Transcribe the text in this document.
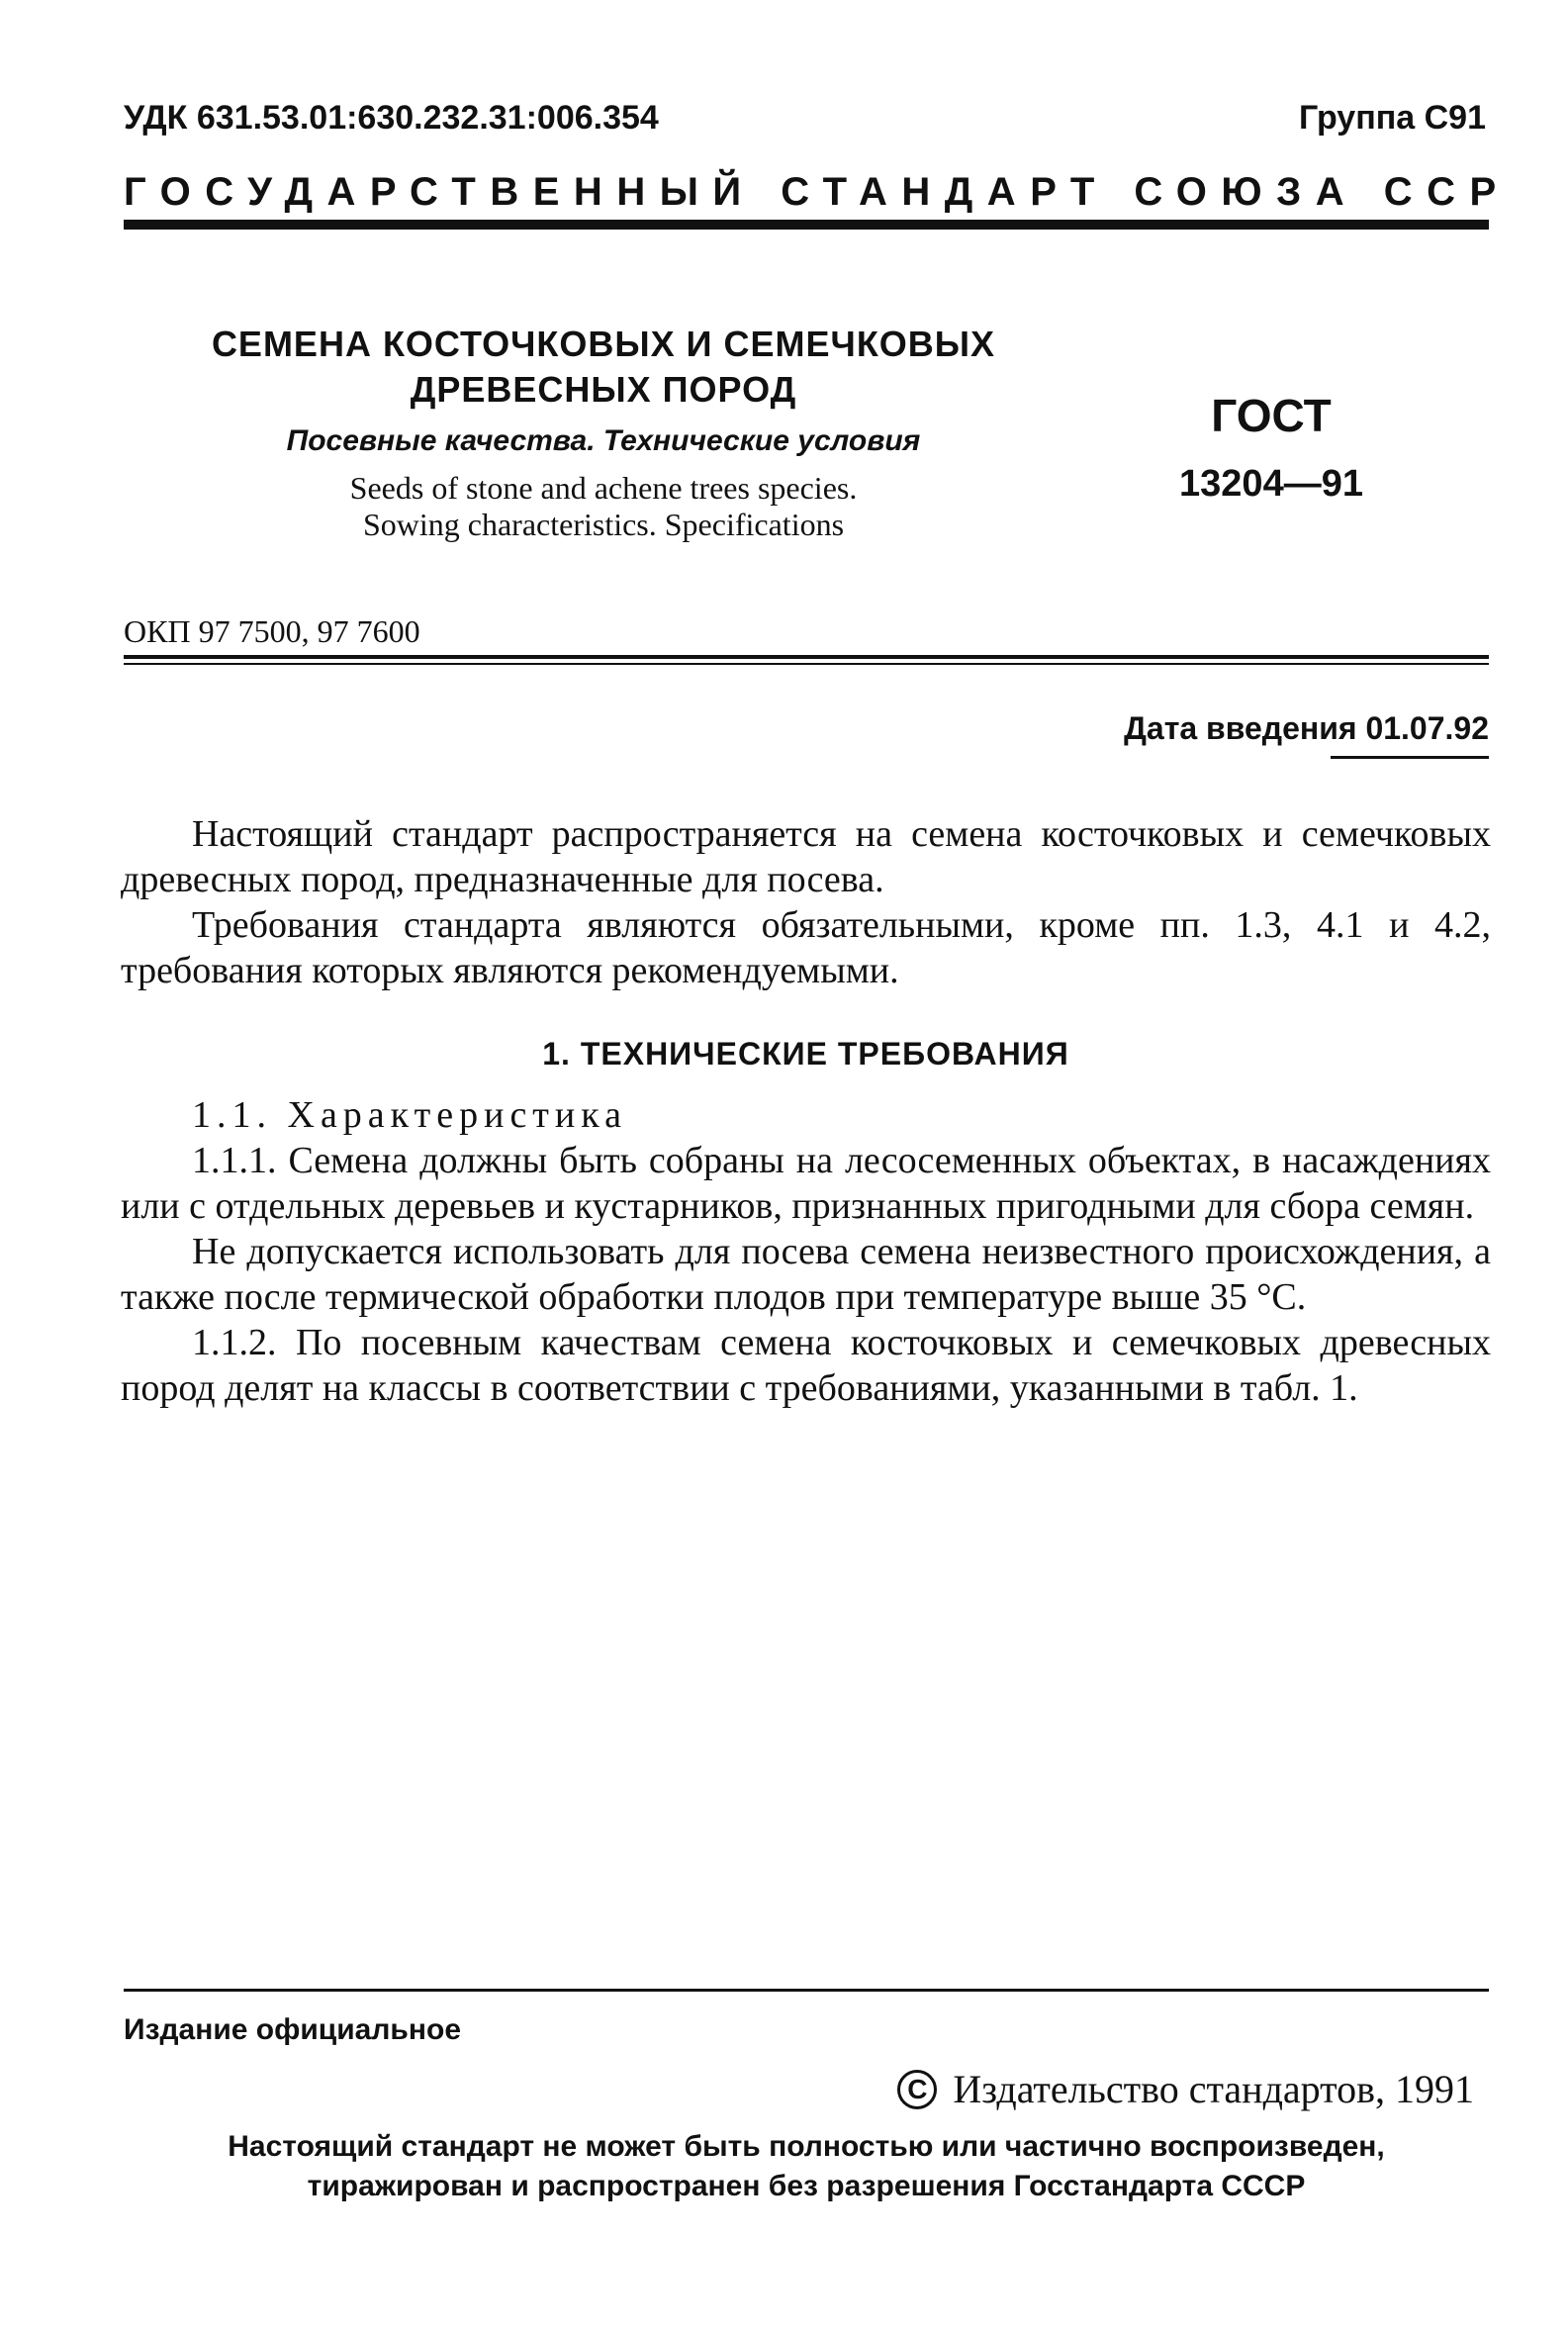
УДК 631.53.01:630.232.31:006.354	Группа С91
ГОСУДАРСТВЕННЫЙ СТАНДАРТ СОЮЗА ССР
СЕМЕНА КОСТОЧКОВЫХ И СЕМЕЧКОВЫХ
ДРЕВЕСНЫХ ПОРОД
Посевные качества. Технические условия
Seeds of stone and achene trees species.
Sowing characteristics. Specifications
ГОСТ
13204—91
ОКП 97 7500, 97 7600
Дата введения 01.07.92

Настоящий стандарт распространяется на семена косточковых и семечковых древесных пород, предназначенные для посева.

Требования стандарта являются обязательными, кроме пп. 1.3, 4.1 и 4.2, требования которых являются рекомендуемыми.

1. ТЕХНИЧЕСКИЕ ТРЕБОВАНИЯ

1.1. Характеристика

1.1.1. Семена должны быть собраны на лесосеменных объектах, в насаждениях или с отдельных деревьев и кустарников, признанных пригодными для сбора семян.

Не допускается использовать для посева семена неизвестного происхождения, а также после термической обработки плодов при температуре выше 35 °С.

1.1.2. По посевным качествам семена косточковых и семечковых древесных пород делят на классы в соответствии с требованиями, указанными в табл. 1.

Издание официальное
C Издательство стандартов, 1991
Настоящий стандарт не может быть полностью или частично воспроизведен,
тиражирован и распространен без разрешения Госстандарта СССР
